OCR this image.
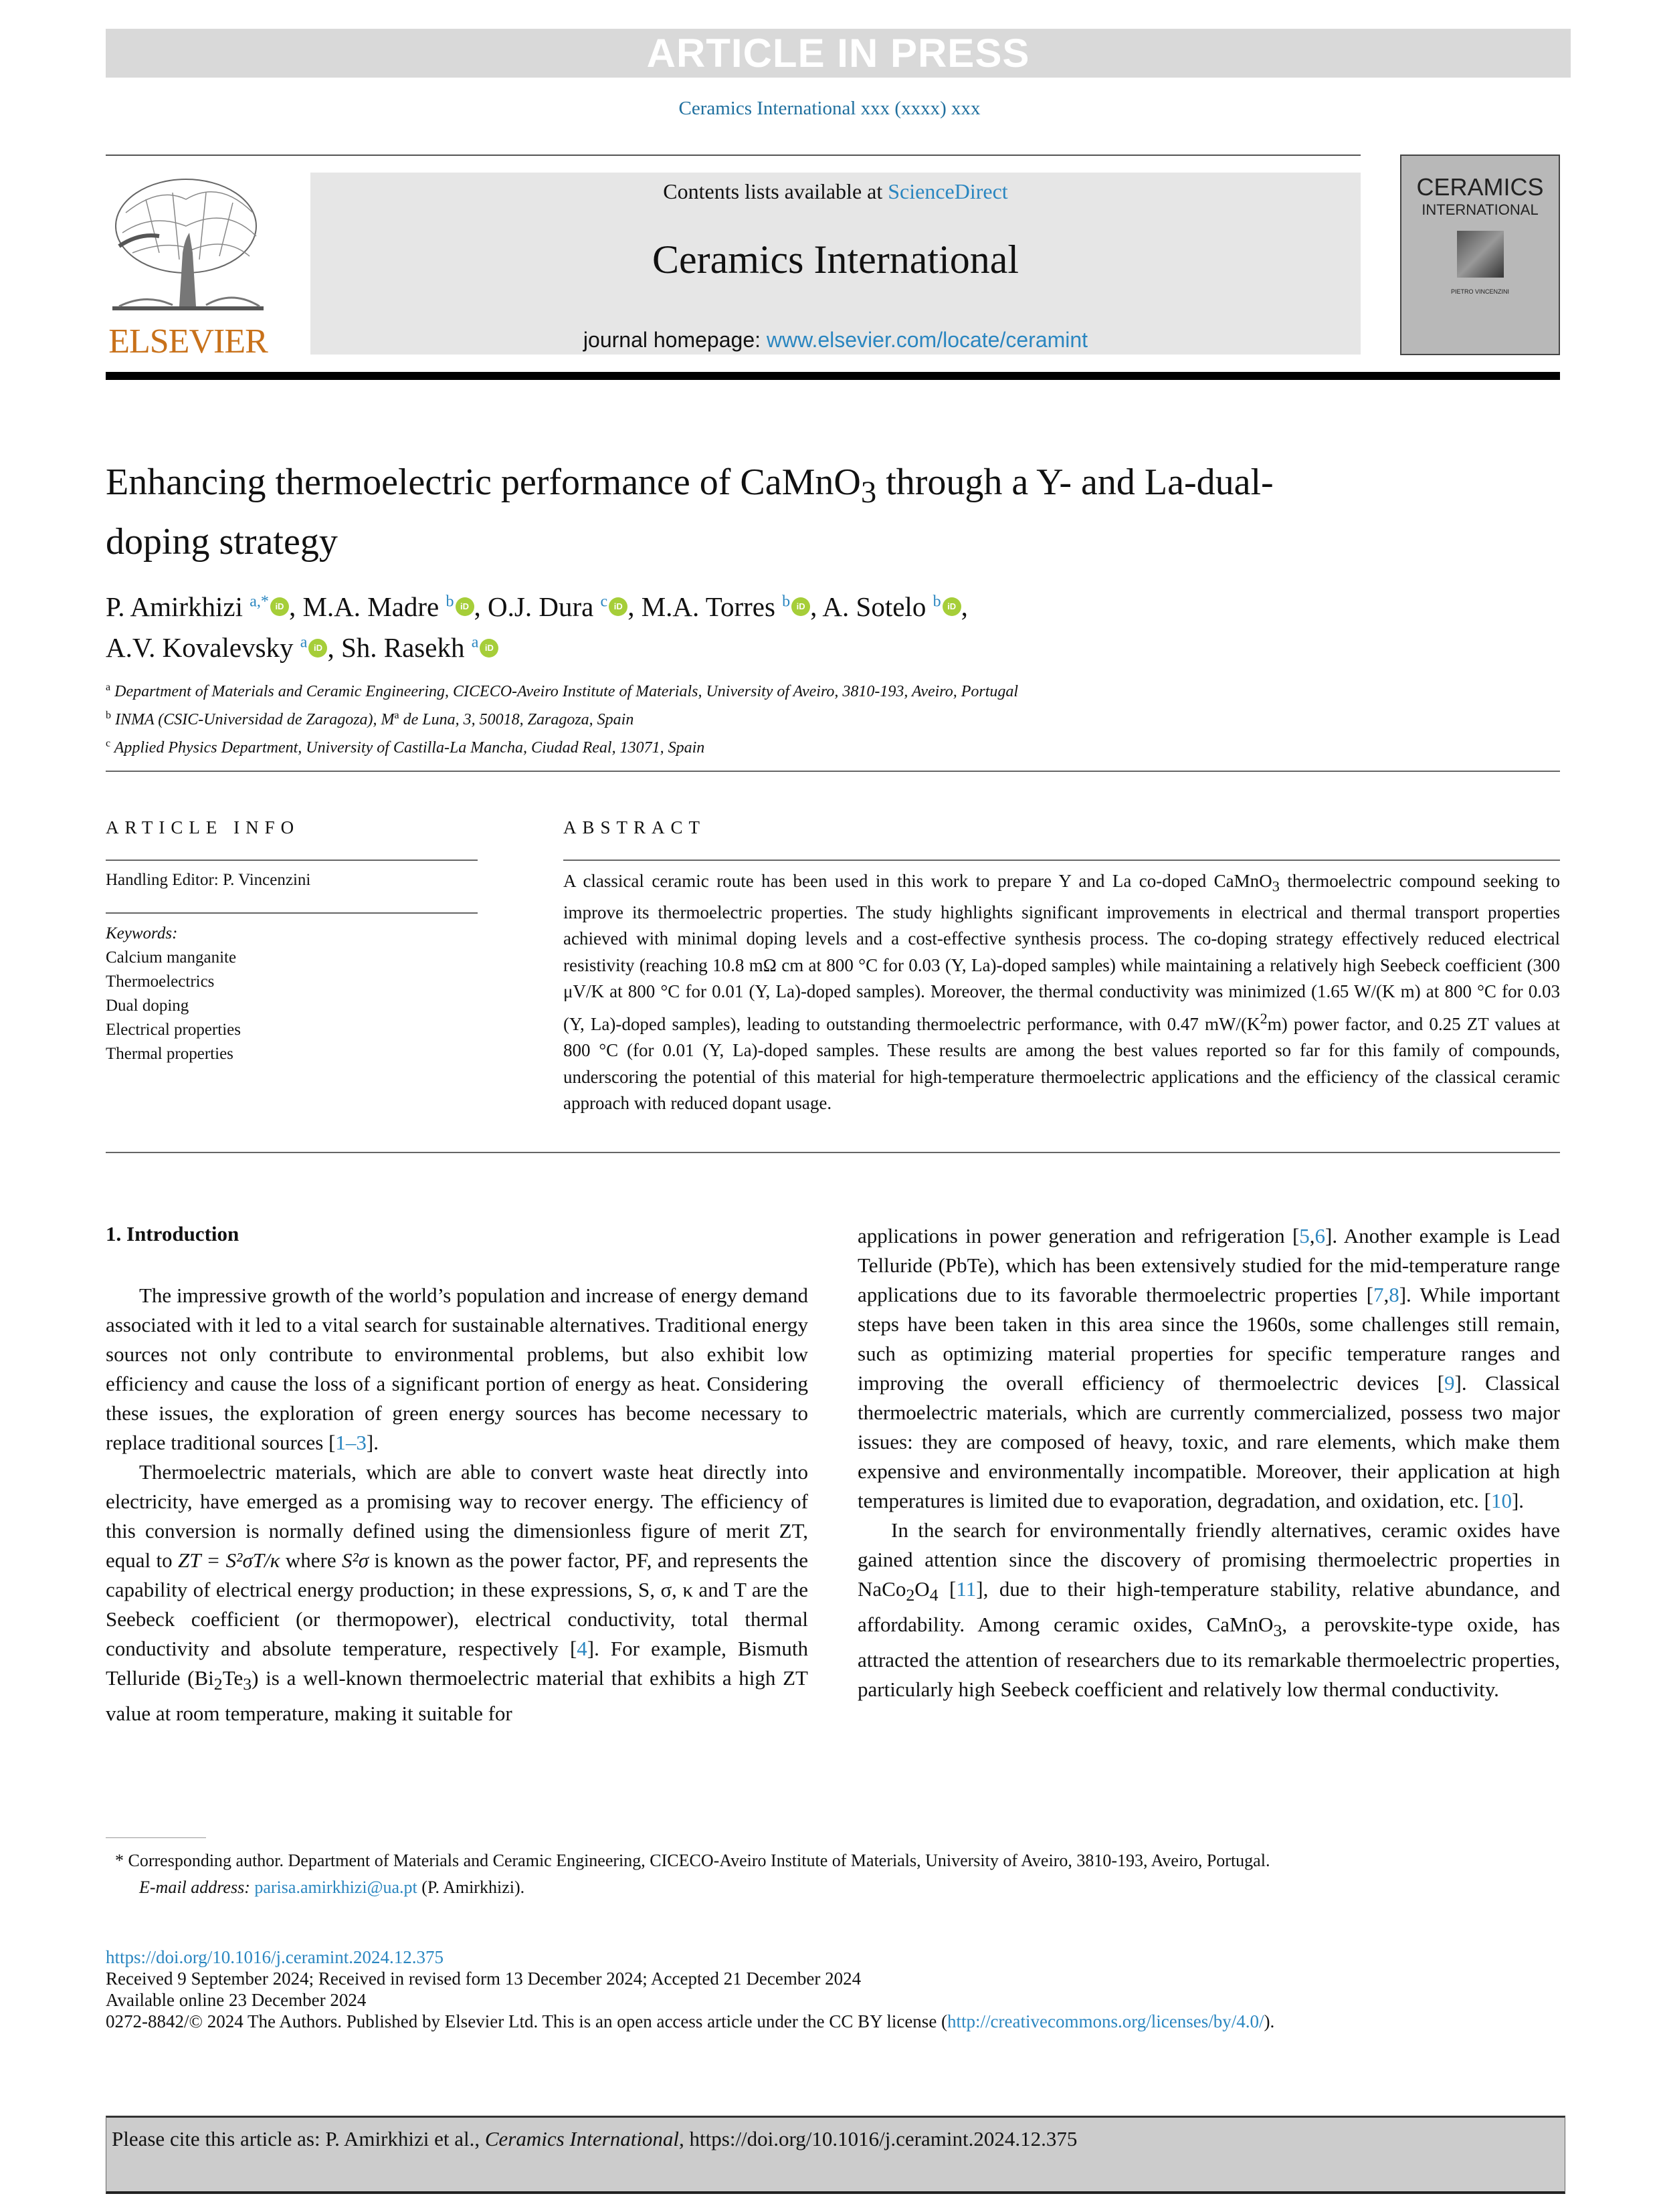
ARTICLE IN PRESS
Ceramics International xxx (xxxx) xxx
ELSEVIER
Contents lists available at ScienceDirect
Ceramics International
journal homepage: www.elsevier.com/locate/ceramint
CERAMICS
INTERNATIONAL
PIETRO VINCENZINI
Enhancing thermoelectric performance of CaMnO$_3$ through a Y- and La-dual-doping strategy
P. Amirkhizi $^{a,*}$ iD , M.A. Madre $^b$ iD , O.J. Dura $^c$ iD , M.A. Torres $^b$ iD , A. Sotelo $^b$ iD ,
A.V. Kovalevsky $^a$ iD , Sh. Rasekh $^a$ iD
$^a$ Department of Materials and Ceramic Engineering, CICECO-Aveiro Institute of Materials, University of Aveiro, 3810-193, Aveiro, Portugal
$^b$ INMA (CSIC-Universidad de Zaragoza), $M^a$ de Luna, 3, 50018, Zaragoza, Spain
$^c$ Applied Physics Department, University of Castilla-La Mancha, Ciudad Real, 13071, Spain
ARTICLE INFO
Handling Editor: P. Vincenzini
Keywords:
Calcium manganite
Thermoelectrics
Dual doping
Electrical properties
Thermal properties
ABSTRACT
A classical ceramic route has been used in this work to prepare Y and La co-doped CaMnO$_3$ thermoelectric compound seeking to improve its thermoelectric properties. The study highlights significant improvements in electrical and thermal transport properties achieved with minimal doping levels and a cost-effective synthesis process. The co-doping strategy effectively reduced electrical resistivity (reaching 10.8 mΩ cm at 800 °C for 0.03 (Y, La)-doped samples) while maintaining a relatively high Seebeck coefficient (300 μV/K at 800 °C for 0.01 (Y, La)-doped samples). Moreover, the thermal conductivity was minimized (1.65 W/(K m) at 800 °C for 0.03 (Y, La)-doped samples), leading to outstanding thermoelectric performance, with 0.47 $mW/(K^2m)$ power factor, and 0.25 ZT values at 800 °C (for 0.01 (Y, La)-doped samples. These results are among the best values reported so far for this family of compounds, underscoring the potential of this material for high-temperature thermoelectric applications and the efficiency of the classical ceramic approach with reduced dopant usage.
1. Introduction

The impressive growth of the world’s population and increase of energy demand associated with it led to a vital search for sustainable alternatives. Traditional energy sources not only contribute to environmental problems, but also exhibit low efficiency and cause the loss of a significant portion of energy as heat. Considering these issues, the exploration of green energy sources has become necessary to replace traditional sources [1–3].

Thermoelectric materials, which are able to convert waste heat directly into electricity, have emerged as a promising way to recover energy. The efficiency of this conversion is normally defined using the dimensionless figure of merit ZT, equal to ZT = S²σT/κ where S²σ is known as the power factor, PF, and represents the capability of electrical energy production; in these expressions, S, σ, κ and T are the Seebeck coefficient (or thermopower), electrical conductivity, total thermal conductivity and absolute temperature, respectively [4]. For example, Bismuth Telluride $(Bi_2Te_3)$ is a well-known thermoelectric material that exhibits a high ZT value at room temperature, making it suitable for

applications in power generation and refrigeration [5,6]. Another example is Lead Telluride (PbTe), which has been extensively studied for the mid-temperature range applications due to its favorable thermoelectric properties [7,8]. While important steps have been taken in this area since the 1960s, some challenges still remain, such as optimizing material properties for specific temperature ranges and improving the overall efficiency of thermoelectric devices [9]. Classical thermoelectric materials, which are currently commercialized, possess two major issues: they are composed of heavy, toxic, and rare elements, which make them expensive and environmentally incompatible. Moreover, their application at high temperatures is limited due to evaporation, degradation, and oxidation, etc. [10].

In the search for environmentally friendly alternatives, ceramic oxides have gained attention since the discovery of promising thermoelectric properties in $NaCo_2O_4$ [11], due to their high-temperature stability, relative abundance, and affordability. Among ceramic oxides, CaMnO$_3$, a perovskite-type oxide, has attracted the attention of researchers due to its remarkable thermoelectric properties, particularly high Seebeck coefficient and relatively low thermal conductivity.

* Corresponding author. Department of Materials and Ceramic Engineering, CICECO-Aveiro Institute of Materials, University of Aveiro, 3810-193, Aveiro, Portugal.
E-mail address: parisa.amirkhizi@ua.pt (P. Amirkhizi).
https://doi.org/10.1016/j.ceramint.2024.12.375
Received 9 September 2024; Received in revised form 13 December 2024; Accepted 21 December 2024
Available online 23 December 2024
0272-8842/© 2024 The Authors. Published by Elsevier Ltd. This is an open access article under the CC BY license (http://creativecommons.org/licenses/by/4.0/).
Please cite this article as: P. Amirkhizi et al., Ceramics International, https://doi.org/10.1016/j.ceramint.2024.12.375
